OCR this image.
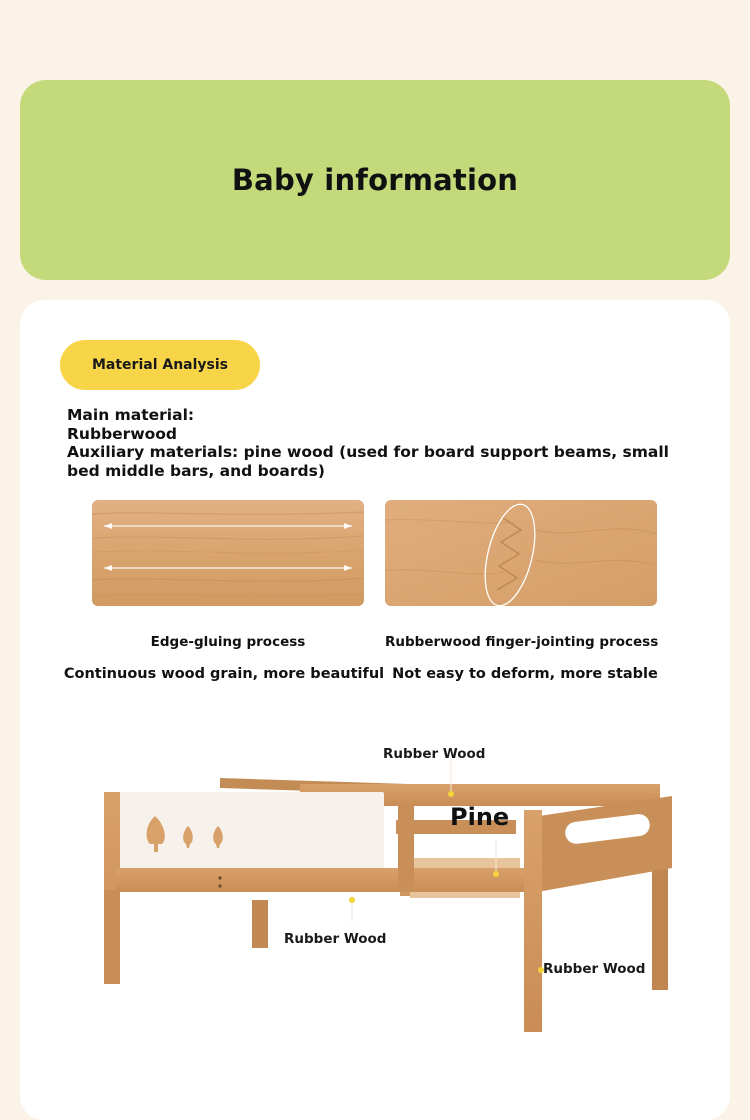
Baby information
Material Analysis
Main material:
Rubberwood
Auxiliary materials: pine wood (used for board support beams, small bed middle bars, and boards)
Edge-gluing process	Rubberwood finger-jointing process
Continuous wood grain, more beautiful Not easy to deform, more stable
Rubber Wood
Pine
Rubber Wood
Rubber Wood
